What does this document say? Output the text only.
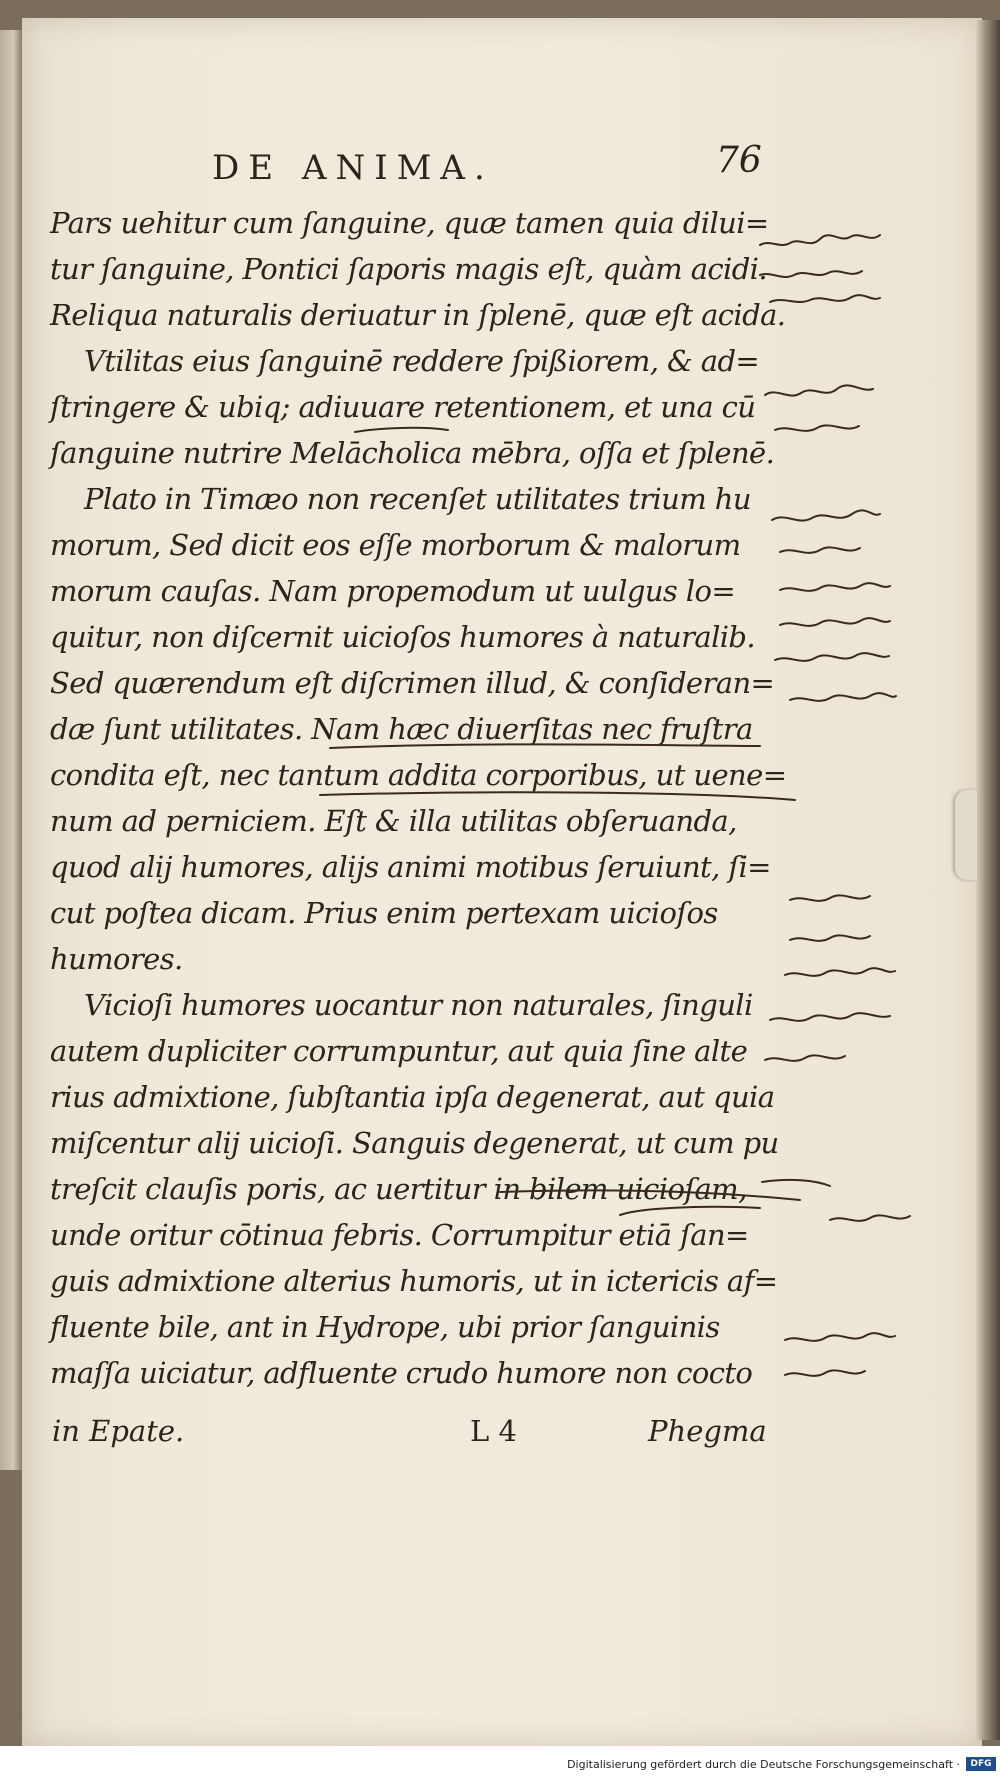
DE ANIMA.	76
Pars uehitur cum ſanguine, quæ tamen quia dilui=
tur ſanguine, Pontici ſaporis magis eſt, quàm acidi.
Reliqua naturalis deriuatur in ſplenē, quæ eſt acida.
Vtilitas eius ſanguinē reddere ſpißiorem, & ad=
ſtringere & ubiq; adiuuare retentionem, et una cū
ſanguine nutrire Melācholica mēbra, oſſa et ſplenē.
Plato in Timæo non recenſet utilitates trium hu
morum, Sed dicit eos eſſe morborum & malorum
morum cauſas. Nam propemodum ut uulgus lo=
quitur, non diſcernit uicioſos humores à naturalib.
Sed quærendum eſt diſcrimen illud, & conſideran=
dæ ſunt utilitates. Nam hæc diuerſitas nec fruſtra
condita eſt, nec tantum addita corporibus, ut uene=
num ad perniciem. Eſt & illa utilitas obſeruanda,
quod alij humores, alijs animi motibus ſeruiunt, ſi=
cut poſtea dicam. Prius enim pertexam uicioſos
humores.
Vicioſi humores uocantur non naturales, ſinguli
autem dupliciter corrumpuntur, aut quia ſine alte
rius admixtione, ſubſtantia ipſa degenerat, aut quia
miſcentur alij uicioſi. Sanguis degenerat, ut cum pu
treſcit clauſis poris, ac uertitur in bilem uicioſam,
unde oritur cōtinua febris. Corrumpitur etiā ſan=
guis admixtione alterius humoris, ut in ictericis af=
fluente bile, ant in Hydrope, ubi prior ſanguinis
maſſa uiciatur, adfluente crudo humore non cocto
in Epate.	L 4	Phegma
Digitalisierung gefördert durch die Deutsche Forschungsgemeinschaft ·	DFG
